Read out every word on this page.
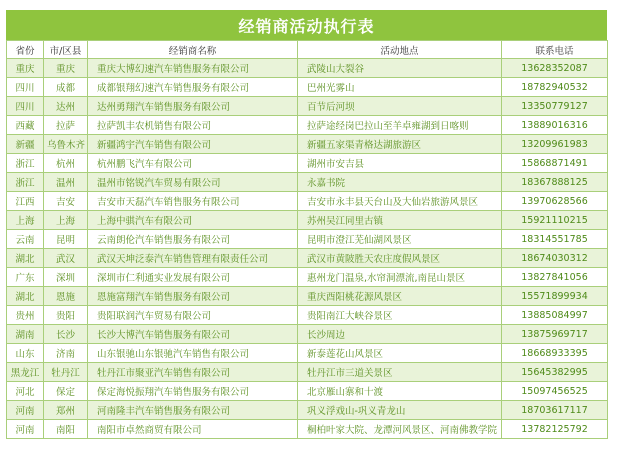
经销商活动执行表
省份	市/区县	经销商名称	活动地点	联系电话
重庆	重庆	重庆大博幻速汽车销售服务有限公司	武陵山大裂谷	13628352087
四川	成都	成都银翔幻速汽车销售服务有限公司	巴州光雾山	18782940532
四川	达州	达州勇翔汽车销售服务有限公司	百节后河坝	13350779127
西藏	拉萨	拉萨凯丰农机销售有限公司	拉萨途经岗巴拉山至羊卓雍湖到日喀则	13889016316
新疆	乌鲁木齐	新疆鸿宇汽车销售有限公司	新疆五家渠青格达湖旅游区	13209961983
浙江	杭州	杭州鹏飞汽车有限公司	湖州市安吉县	15868871491
浙江	温州	温州市铭锐汽车贸易有限公司	永嘉书院	18367888125
江西	吉安	吉安市天磊汽车销售服务有限公司	吉安市永丰县天台山及大仙岩旅游风景区	13970628566
上海	上海	上海中骐汽车有限公司	苏州吴江同里古镇	15921110215
云南	昆明	云南朗伦汽车销售服务有限公司	昆明市澄江芜仙湖风景区	18314551785
湖北	武汉	武汉天坤泛泰汽车销售管理有限责任公司	武汉市黄陂胜天农庄度假风景区	18674030312
广东	深圳	深圳市仁利通实业发展有限公司	惠州龙门温泉,水帘洞漂流,南昆山景区	13827841056
湖北	恩施	恩施富翔汽车销售服务有限公司	重庆酉阳桃花源风景区	15571899934
贵州	贵阳	贵阳联润汽车贸易有限公司	贵阳南江大峡谷景区	13885084997
湖南	长沙	长沙大博汽车销售服务有限公司	长沙周边	13875969717
山东	济南	山东银驰山东银驰汽车销售有限公司	新泰莲花山风景区	18668933395
黑龙江	牡丹江	牡丹江市聚亚汽车销售有限公司	牡丹江市三道关景区	15645382995
河北	保定	保定海悦振翔汽车销售服务有限公司	北京雁山寨和十渡	15097456525
河南	郑州	河南隆丰汽车销售服务有限公司	巩义浮戏山-巩义青龙山	18703617117
河南	南阳	南阳市卓然商贸有限公司	桐柏叶家大院、龙潭河风景区、河南佛教学院	13782125792
